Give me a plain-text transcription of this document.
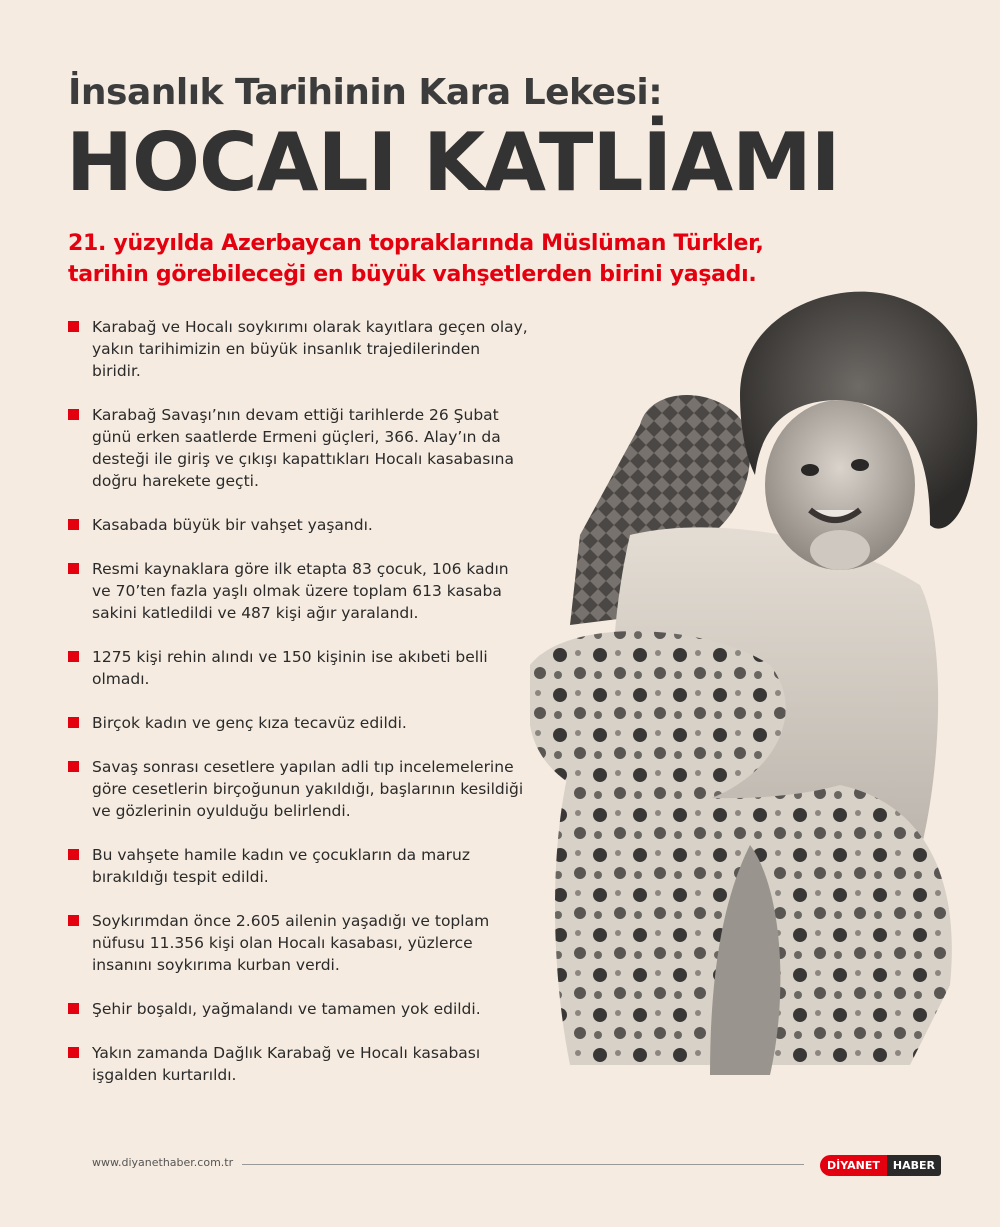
İnsanlık Tarihinin Kara Lekesi:
HOCALI KATLİAMI
21. yüzyılda Azerbaycan topraklarında Müslüman Türkler, tarihin görebileceği en büyük vahşetlerden birini yaşadı.
Karabağ ve Hocalı soykırımı olarak kayıtlara geçen olay, yakın tarihimizin en büyük insanlık trajedilerinden biridir.
Karabağ Savaşı’nın devam ettiği tarihlerde 26 Şubat günü erken saatlerde Ermeni güçleri, 366. Alay’ın da desteği ile giriş ve çıkışı kapattıkları Hocalı kasabasına doğru harekete geçti.
Kasabada büyük bir vahşet yaşandı.
Resmi kaynaklara göre ilk etapta 83 çocuk, 106 kadın ve 70’ten fazla yaşlı olmak üzere toplam 613 kasaba sakini katledildi ve 487 kişi ağır yaralandı.
1275 kişi rehin alındı ve 150 kişinin ise akıbeti belli olmadı.
Birçok kadın ve genç kıza tecavüz edildi.
Savaş sonrası cesetlere yapılan adli tıp incelemelerine göre cesetlerin birçoğunun yakıldığı, başlarının kesildiği ve gözlerinin oyulduğu belirlendi.
Bu vahşete hamile kadın ve çocukların da maruz bırakıldığı tespit edildi.
Soykırımdan önce 2.605 ailenin yaşadığı ve toplam nüfusu 11.356 kişi olan Hocalı kasabası, yüzlerce insanını soykırıma kurban verdi.
Şehir boşaldı, yağmalandı ve tamamen yok edildi.
Yakın zamanda Dağlık Karabağ ve Hocalı kasabası işgalden kurtarıldı.
www.diyanethaber.com.tr	DİYANET	HABER
